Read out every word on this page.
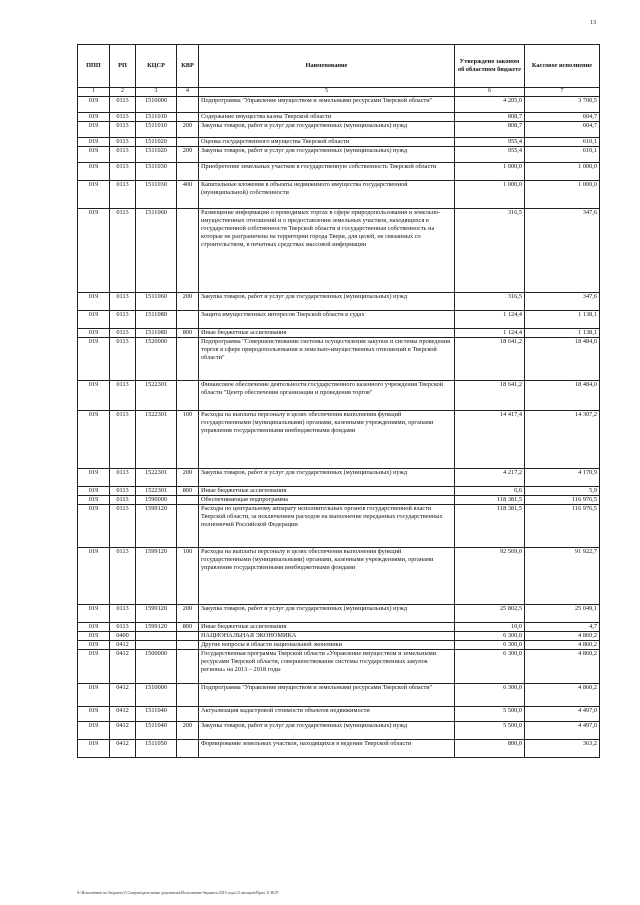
13
ППП	РП	КЦСР	КВР	Наименование	Утверждено законом об областном бюджете	Кассовое исполнение
1	2	3	4	5	6	7
019	0113	1510000		Подпрограмма "Управление имуществом и земельными ресурсами Тверской области"	4 205,0	3 700,5
019	0113	1511010		Содержание имущества казны Тверской области	808,7	604,7
019	0113	1511010	200	Закупка товаров, работ и услуг для государственных (муниципальных) нужд	808,7	604,7
019	0113	1511020		Оценка государственного имущества Тверской области	955,4	610,1
019	0113	1511020	200	Закупка товаров, работ и услуг для государственных (муниципальных) нужд	955,4	610,1
019	0113	1511030		Приобретение земельных участков в государственную собственность Тверской области	1 000,0	1 000,0
019	0113	1511030	400	Капитальные вложения в объекты недвижимого имущества государственной (муниципальной) собственности	1 000,0	1 000,0
019	0113	1511060		Размещение информации о проводимых торгах в сфере природопользования и земельно-имущественных отношений и о предоставлении земельных участков, находящихся в государственной собственности Тверской области и государственная собственность на которые не разграничена на территории города Твери, для целей, не связанных со строительством, в печатных средствах массовой информации	316,5	347,6
019	0113	1511060	200	Закупка товаров, работ и услуг для государственных (муниципальных) нужд	316,5	347,6
019	0113	1511080		Защита имущественных интересов Тверской области в судах	1 124,4	1 138,1
019	0113	1511080	800	Иные бюджетные ассигнования	1 124,4	1 138,1
019	0113	1520000		Подпрограмма "Совершенствование системы осуществления закупок и системы проведения торгов в сфере природопользования и земельно-имущественных отношений в Тверской области"	18 641,2	18 484,0
019	0113	1522301		Финансовое обеспечение деятельности государственного казенного учреждения Тверской области "Центр обеспечения организации и проведения торгов"	18 641,2	18 484,0
019	0113	1522301	100	Расходы на выплаты персоналу в целях обеспечения выполнения функций государственными (муниципальными) органами, казенными учреждениями, органами управления государственными внебюджетными фондами	14 417,4	14 307,2
019	0113	1522301	200	Закупка товаров, работ и услуг для государственных (муниципальных) нужд	4 217,2	4 170,9
019	0113	1522301	800	Иные бюджетные ассигнования	6,6	5,9
019	0113	1590000		Обеспечивающая подпрограмма	118 381,5	116 976,5
019	0113	1599120		Расходы по центральному аппарату исполнительных органов государственной власти Тверской области, за исключением расходов на выполнение переданных государственных полномочий Российской Федерации	118 381,5	116 976,5
019	0113	1599120	100	Расходы на выплаты персоналу в целях обеспечения выполнения функций государственными (муниципальными) органами, казенными учреждениями, органами управления государственными внебюджетными фондами	92 569,0	91 922,7
019	0113	1599120	200	Закупка товаров, работ и услуг для государственных (муниципальных) нужд	25 802,5	25 049,1
019	0113	1599120	800	Иные бюджетные ассигнования	10,0	4,7
019	0400			НАЦИОНАЛЬНАЯ ЭКОНОМИКА	6 300,0	4 860,2
019	0412			Другие вопросы в области национальной экономики	6 300,0	4 860,2
019	0412	1500000		Государственная программа Тверской области «Управление имуществом и земельными ресурсами Тверской области, совершенствование системы государственных закупок региона» на 2013 – 2018 годы	6 300,0	4 860,2
019	0412	1510000		Подпрограмма "Управление имуществом и земельными ресурсами Тверской области"	6 300,0	4 860,2
019	0412	1511040		Актуализация кадастровой стоимости объектов недвижимости	5 500,0	4 497,0
019	0412	1511040	200	Закупка товаров, работ и услуг для государственных (муниципальных) нужд	5 500,0	4 497,0
019	0412	1511050		Формирование земельных участков, находящихся в ведении Тверской области	800,0	363,2
S:\Исполнение по бюджету\5 Сопроводительные документы\Исполнение бюджета 2015 года\12 месяцев\Прил 11 ВСР
